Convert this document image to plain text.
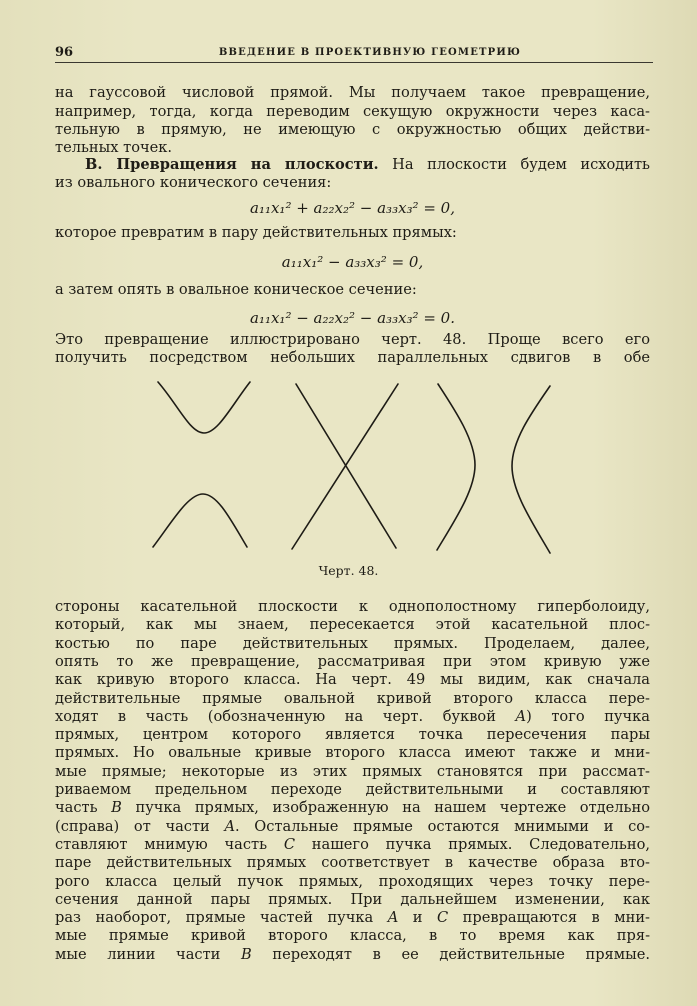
96	ВВЕДЕНИЕ В ПРОЕКТИВНУЮ ГЕОМЕТРИЮ
на гауссовой числовой прямой. Мы получаем такое превращение,
например, тогда, когда переводим секущую окружности через каса-
тельную в прямую, не имеющую с окружностью общих действи-
тельных точек.
В. Превращения на плоскости. На плоскости будем исходить
из овального конического сечения:
a₁₁x₁² + a₂₂x₂² − a₃₃x₃² = 0,
которое превратим в пару действительных прямых:
a₁₁x₁² − a₃₃x₃² = 0,
а затем опять в овальное коническое сечение:
a₁₁x₁² − a₂₂x₂² − a₃₃x₃² = 0.
Это превращение иллюстрировано черт. 48. Проще всего его
получить посредством небольших параллельных сдвигов в обе
Черт. 48.
стороны касательной плоскости к однополостному гиперболоиду,
который, как мы знаем, пересекается этой касательной плос-
костью по паре действительных прямых. Проделаем, далее,
опять то же превращение, рассматривая при этом кривую уже
как кривую второго класса. На черт. 49 мы видим, как сначала
действительные прямые овальной кривой второго класса пере-
ходят в часть (обозначенную на черт. буквой A) того пучка
прямых, центром которого является точка пересечения пары
прямых. Но овальные кривые второго класса имеют также и мни-
мые прямые; некоторые из этих прямых становятся при рассмат-
риваемом предельном переходе действительными и составляют
часть B пучка прямых, изображенную на нашем чертеже отдельно
(справа) от части A. Остальные прямые остаются мнимыми и со-
ставляют мнимую часть C нашего пучка прямых. Следовательно,
паре действительных прямых соответствует в качестве образа вто-
рого класса целый пучок прямых, проходящих через точку пере-
сечения данной пары прямых. При дальнейшем изменении, как
раз наоборот, прямые частей пучка A и C превращаются в мни-
мые прямые кривой второго класса, в то время как пря-
мые линии части B переходят в ее действительные прямые.
